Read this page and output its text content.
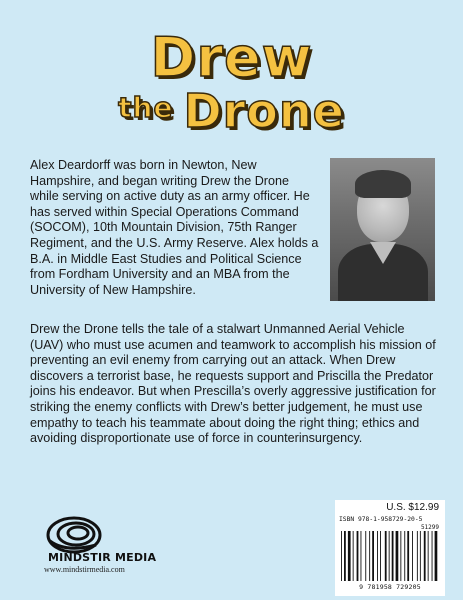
Drew
$^{the}$ Drone
Alex Deardorff was born in Newton, New Hampshire, and began writing Drew the Drone while serving on active duty as an army officer. He has served within Special Operations Command (SOCOM), 10th Mountain Division, 75th Ranger Regiment, and the U.S. Army Reserve. Alex holds a B.A. in Middle East Studies and Political Science from Fordham University and an MBA from the University of New Hampshire.
Drew the Drone tells the tale of a stalwart Unmanned Aerial Vehicle (UAV) who must use acumen and teamwork to accomplish his mission of preventing an evil enemy from carrying out an attack. When Drew discovers a terrorist base, he requests support and Priscilla the Predator joins his endeavor. But when Prescilla’s overly aggressive justification for striking the enemy conflicts with Drew’s better judgement, he must use empathy to teach his teammate about doing the right thing; ethics and avoiding disproportionate use of force in counterinsurgency.
MINDSTIR MEDIA
www.mindstirmedia.com
U.S. $12.99
ISBN 978-1-958729-20-5
51299
9 781958 729205
